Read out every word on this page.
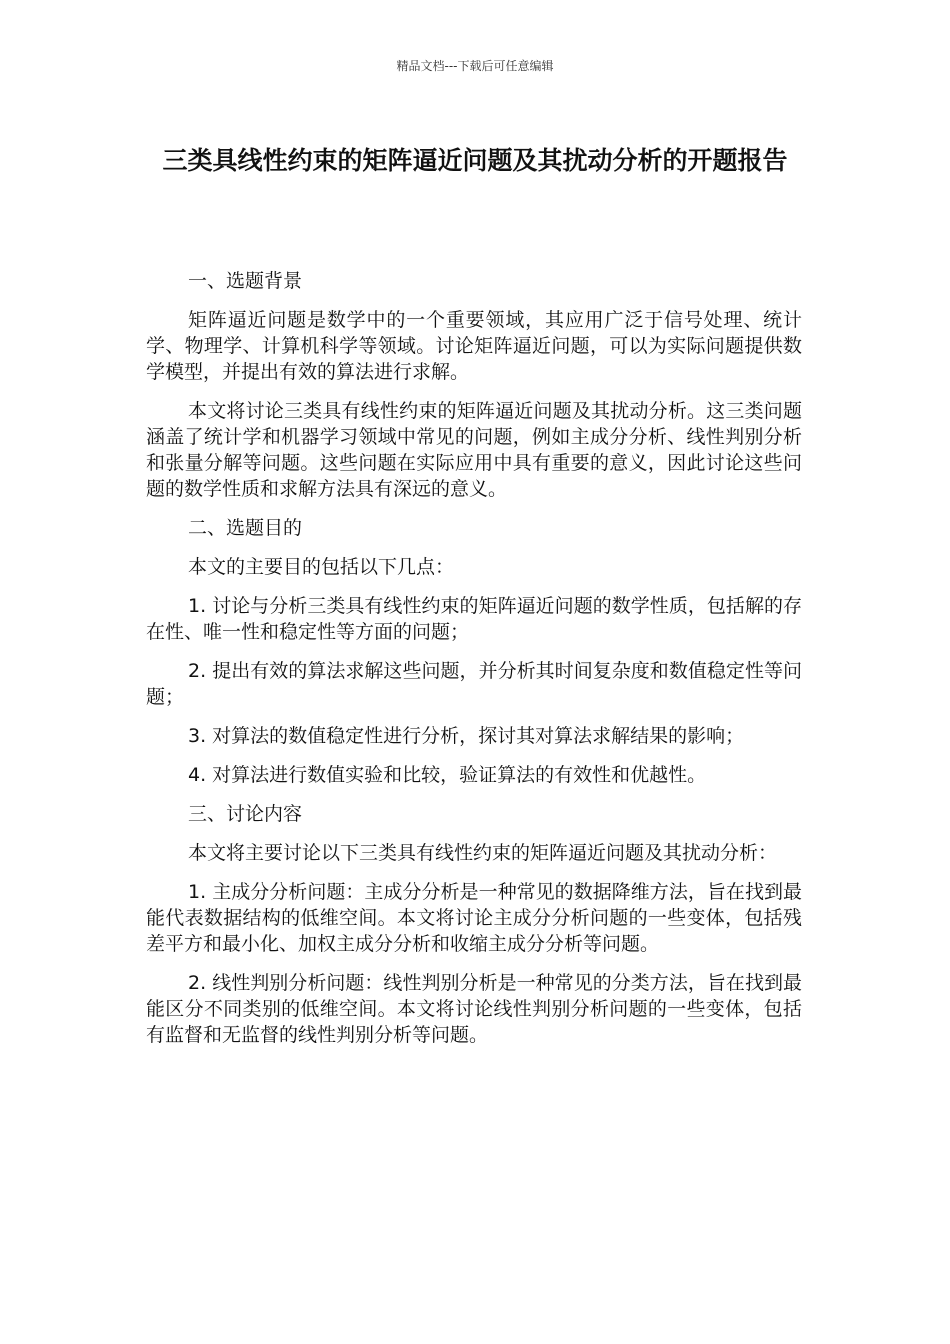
精品文档---下载后可任意编辑
三类具线性约束的矩阵逼近问题及其扰动分析的开题报告

一、选题背景

矩阵逼近问题是数学中的一个重要领域，其应用广泛于信号处理、统计学、物理学、计算机科学等领域。讨论矩阵逼近问题，可以为实际问题提供数学模型，并提出有效的算法进行求解。

本文将讨论三类具有线性约束的矩阵逼近问题及其扰动分析。这三类问题涵盖了统计学和机器学习领域中常见的问题，例如主成分分析、线性判别分析和张量分解等问题。这些问题在实际应用中具有重要的意义，因此讨论这些问题的数学性质和求解方法具有深远的意义。

二、选题目的

本文的主要目的包括以下几点：

1. 讨论与分析三类具有线性约束的矩阵逼近问题的数学性质，包括解的存在性、唯一性和稳定性等方面的问题；

2. 提出有效的算法求解这些问题，并分析其时间复杂度和数值稳定性等问题；

3. 对算法的数值稳定性进行分析，探讨其对算法求解结果的影响；

4. 对算法进行数值实验和比较，验证算法的有效性和优越性。

三、讨论内容

本文将主要讨论以下三类具有线性约束的矩阵逼近问题及其扰动分析：

1. 主成分分析问题：主成分分析是一种常见的数据降维方法，旨在找到最能代表数据结构的低维空间。本文将讨论主成分分析问题的一些变体，包括残差平方和最小化、加权主成分分析和收缩主成分分析等问题。

2. 线性判别分析问题：线性判别分析是一种常见的分类方法，旨在找到最能区分不同类别的低维空间。本文将讨论线性判别分析问题的一些变体，包括有监督和无监督的线性判别分析等问题。
